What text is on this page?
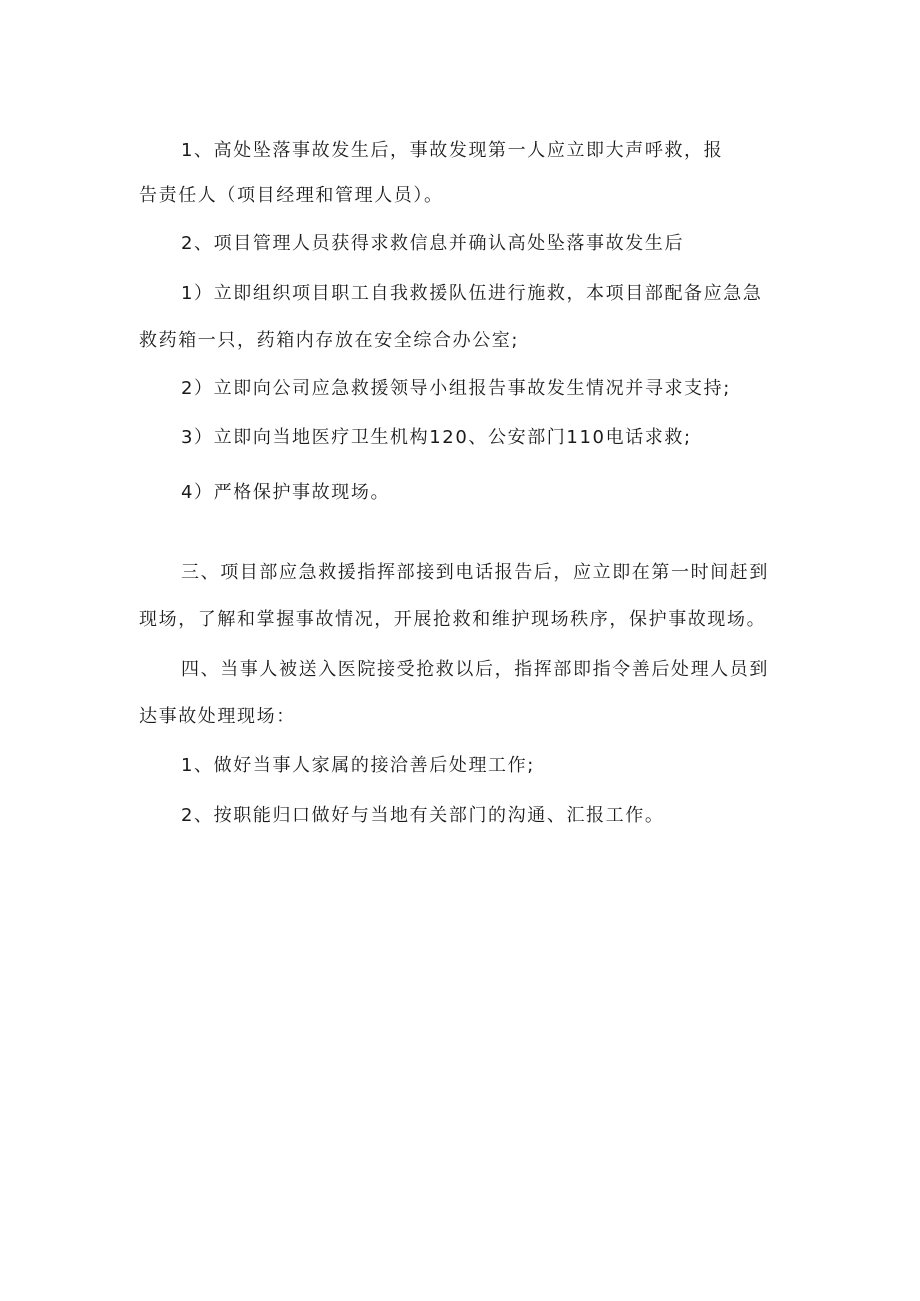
1、高处坠落事故发生后，事故发现第一人应立即大声呼救，报
告责任人（项目经理和管理人员）。
2、项目管理人员获得求救信息并确认高处坠落事故发生后
1）立即组织项目职工自我救援队伍进行施救，本项目部配备应急急
救药箱一只，药箱内存放在安全综合办公室;
2）立即向公司应急救援领导小组报告事故发生情况并寻求支持;
3）立即向当地医疗卫生机构120、公安部门110电话求救;
4）严格保护事故现场。
三、项目部应急救援指挥部接到电话报告后，应立即在第一时间赶到
现场，了解和掌握事故情况，开展抢救和维护现场秩序，保护事故现场。
四、当事人被送入医院接受抢救以后，指挥部即指令善后处理人员到
达事故处理现场：
1、做好当事人家属的接洽善后处理工作;
2、按职能归口做好与当地有关部门的沟通、汇报工作。
